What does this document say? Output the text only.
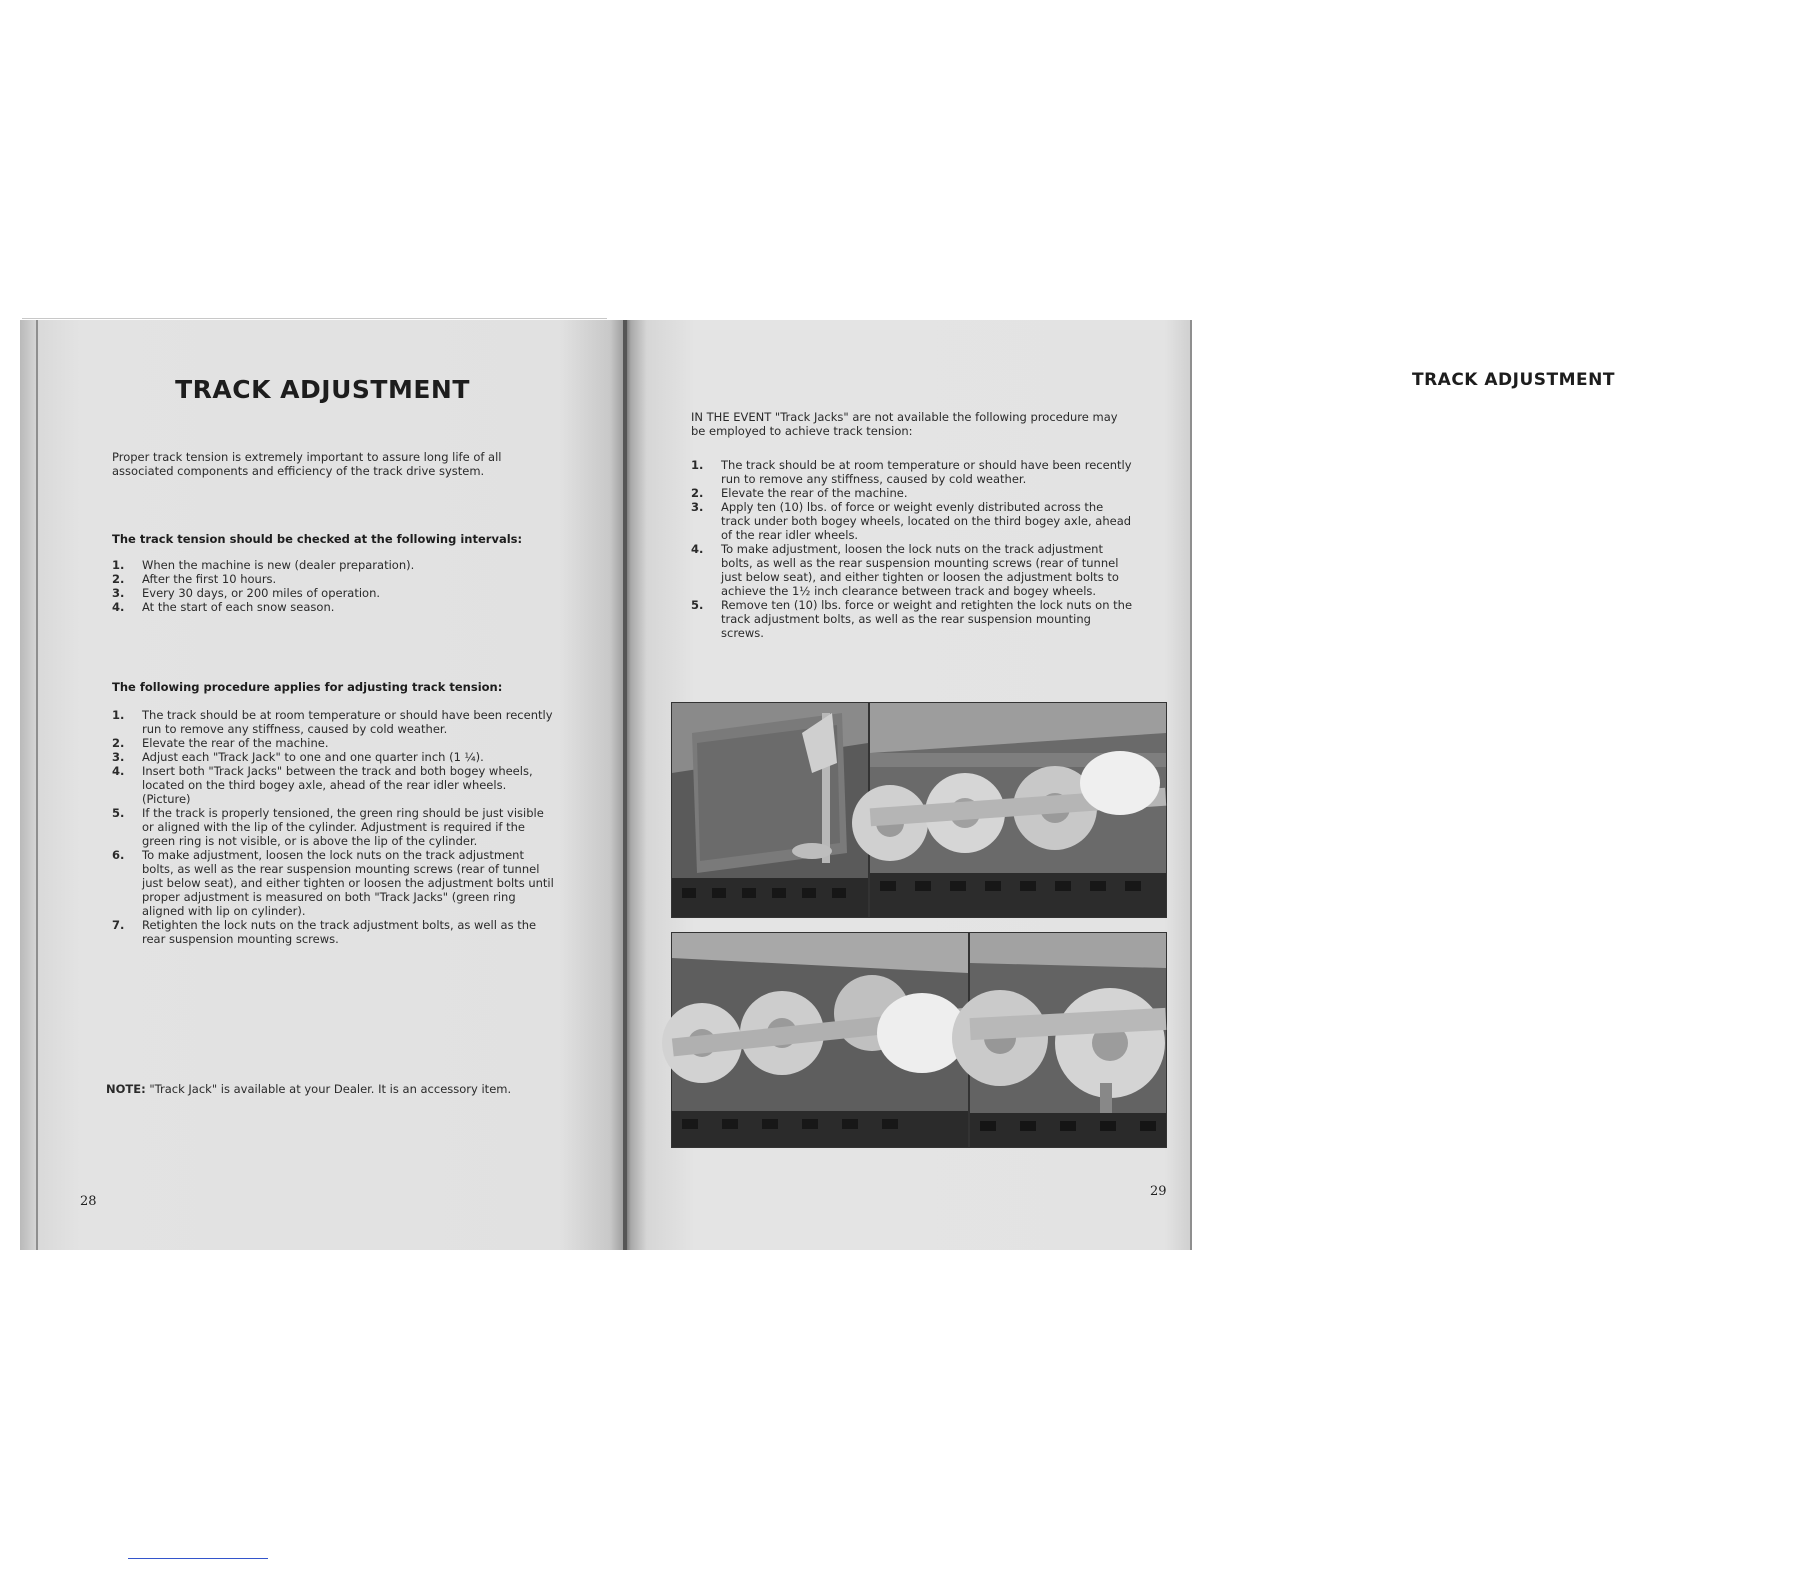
TRACK ADJUSTMENT

Proper track tension is extremely important to assure long life of all associated components and efficiency of the track drive system.

The track tension should be checked at the following intervals:

1. When the machine is new (dealer preparation).
2. After the first 10 hours.
3. Every 30 days, or 200 miles of operation.
4. At the start of each snow season.

The following procedure applies for adjusting track tension:

1. The track should be at room temperature or should have been recently run to remove any stiffness, caused by cold weather.
2. Elevate the rear of the machine.
3. Adjust each "Track Jack" to one and one quarter inch (1 ¼).
4. Insert both "Track Jacks" between the track and both bogey wheels, located on the third bogey axle, ahead of the rear idler wheels. (Picture)
5. If the track is properly tensioned, the green ring should be just visible or aligned with the lip of the cylinder. Adjustment is required if the green ring is not visible, or is above the lip of the cylinder.
6. To make adjustment, loosen the lock nuts on the track adjustment bolts, as well as the rear suspension mounting screws (rear of tunnel just below seat), and either tighten or loosen the adjustment bolts until proper adjustment is measured on both "Track Jacks" (green ring aligned with lip on cylinder).
7. Retighten the lock nuts on the track adjustment bolts, as well as the rear suspension mounting screws.

NOTE: "Track Jack" is available at your Dealer. It is an accessory item.

28
TRACK ADJUSTMENT

IN THE EVENT "Track Jacks" are not available the following procedure may be employed to achieve track tension:

1. The track should be at room temperature or should have been recently run to remove any stiffness, caused by cold weather.
2. Elevate the rear of the machine.
3. Apply ten (10) lbs. of force or weight evenly distributed across the track under both bogey wheels, located on the third bogey axle, ahead of the rear idler wheels.
4. To make adjustment, loosen the lock nuts on the track adjustment bolts, as well as the rear suspension mounting screws (rear of tunnel just below seat), and either tighten or loosen the adjustment bolts to achieve the 1½ inch clearance between track and bogey wheels.
5. Remove ten (10) lbs. force or weight and retighten the lock nuts on the track adjustment bolts, as well as the rear suspension mounting screws.
29
